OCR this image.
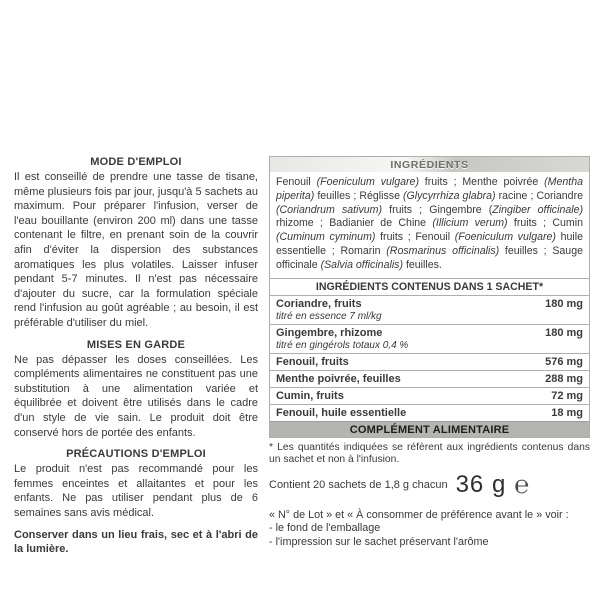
MODE D'EMPLOI

Il est conseillé de prendre une tasse de tisane, même plusieurs fois par jour, jusqu'à 5 sachets au maximum. Pour préparer l'infusion, verser de l'eau bouillante (environ 200 ml) dans une tasse contenant le filtre, en prenant soin de la couvrir afin d'éviter la dispersion des substances aromatiques les plus volatiles. Laisser infuser pendant 5-7 minutes. Il n'est pas nécessaire d'ajouter du sucre, car la formulation spéciale rend l'infusion au goût agréable ; au besoin, il est préférable d'utiliser du miel.

MISES EN GARDE

Ne pas dépasser les doses conseillées. Les compléments alimentaires ne constituent pas une substitution à une alimentation variée et équilibrée et doivent être utilisés dans le cadre d'un style de vie sain. Le produit doit être conservé hors de portée des enfants.

PRÉCAUTIONS D'EMPLOI

Le produit n'est pas recommandé pour les femmes enceintes et allaitantes et pour les enfants. Ne pas utiliser pendant plus de 6 semaines sans avis médical.

Conserver dans un lieu frais, sec et à l'abri de la lumière.

INGRÉDIENTS

Fenouil (Foeniculum vulgare) fruits ; Menthe poivrée (Mentha piperita) feuilles ; Réglisse (Glycyrrhiza glabra) racine ; Coriandre (Coriandrum sativum) fruits ; Gingembre (Zingiber officinale) rhizome ; Badianier de Chine (Illicium verum) fruits ; Cumin (Cuminum cyminum) fruits ; Fenouil (Foeniculum vulgare) huile essentielle ; Romarin (Rosmarinus officinalis) feuilles ; Sauge officinale (Salvia officinalis) feuilles.

INGRÉDIENTS CONTENUS DANS 1 SACHET*
Coriandre, fruits	180 mg
titré en essence 7 ml/kg
Gingembre, rhizome	180 mg
titré en gingérols totaux 0,4 %
Fenouil, fruits	576 mg
Menthe poivrée, feuilles	288 mg
Cumin, fruits	72 mg
Fenouil, huile essentielle	18 mg
COMPLÉMENT ALIMENTAIRE

* Les quantités indiquées se réfèrent aux ingrédients contenus dans un sachet et non à l'infusion.

Contient 20 sachets de 1,8 g chacun 36 g ℮

« N° de Lot » et « À consommer de préférence avant le » voir :

- le fond de l'emballage

- l'impression sur le sachet préservant l'arôme
